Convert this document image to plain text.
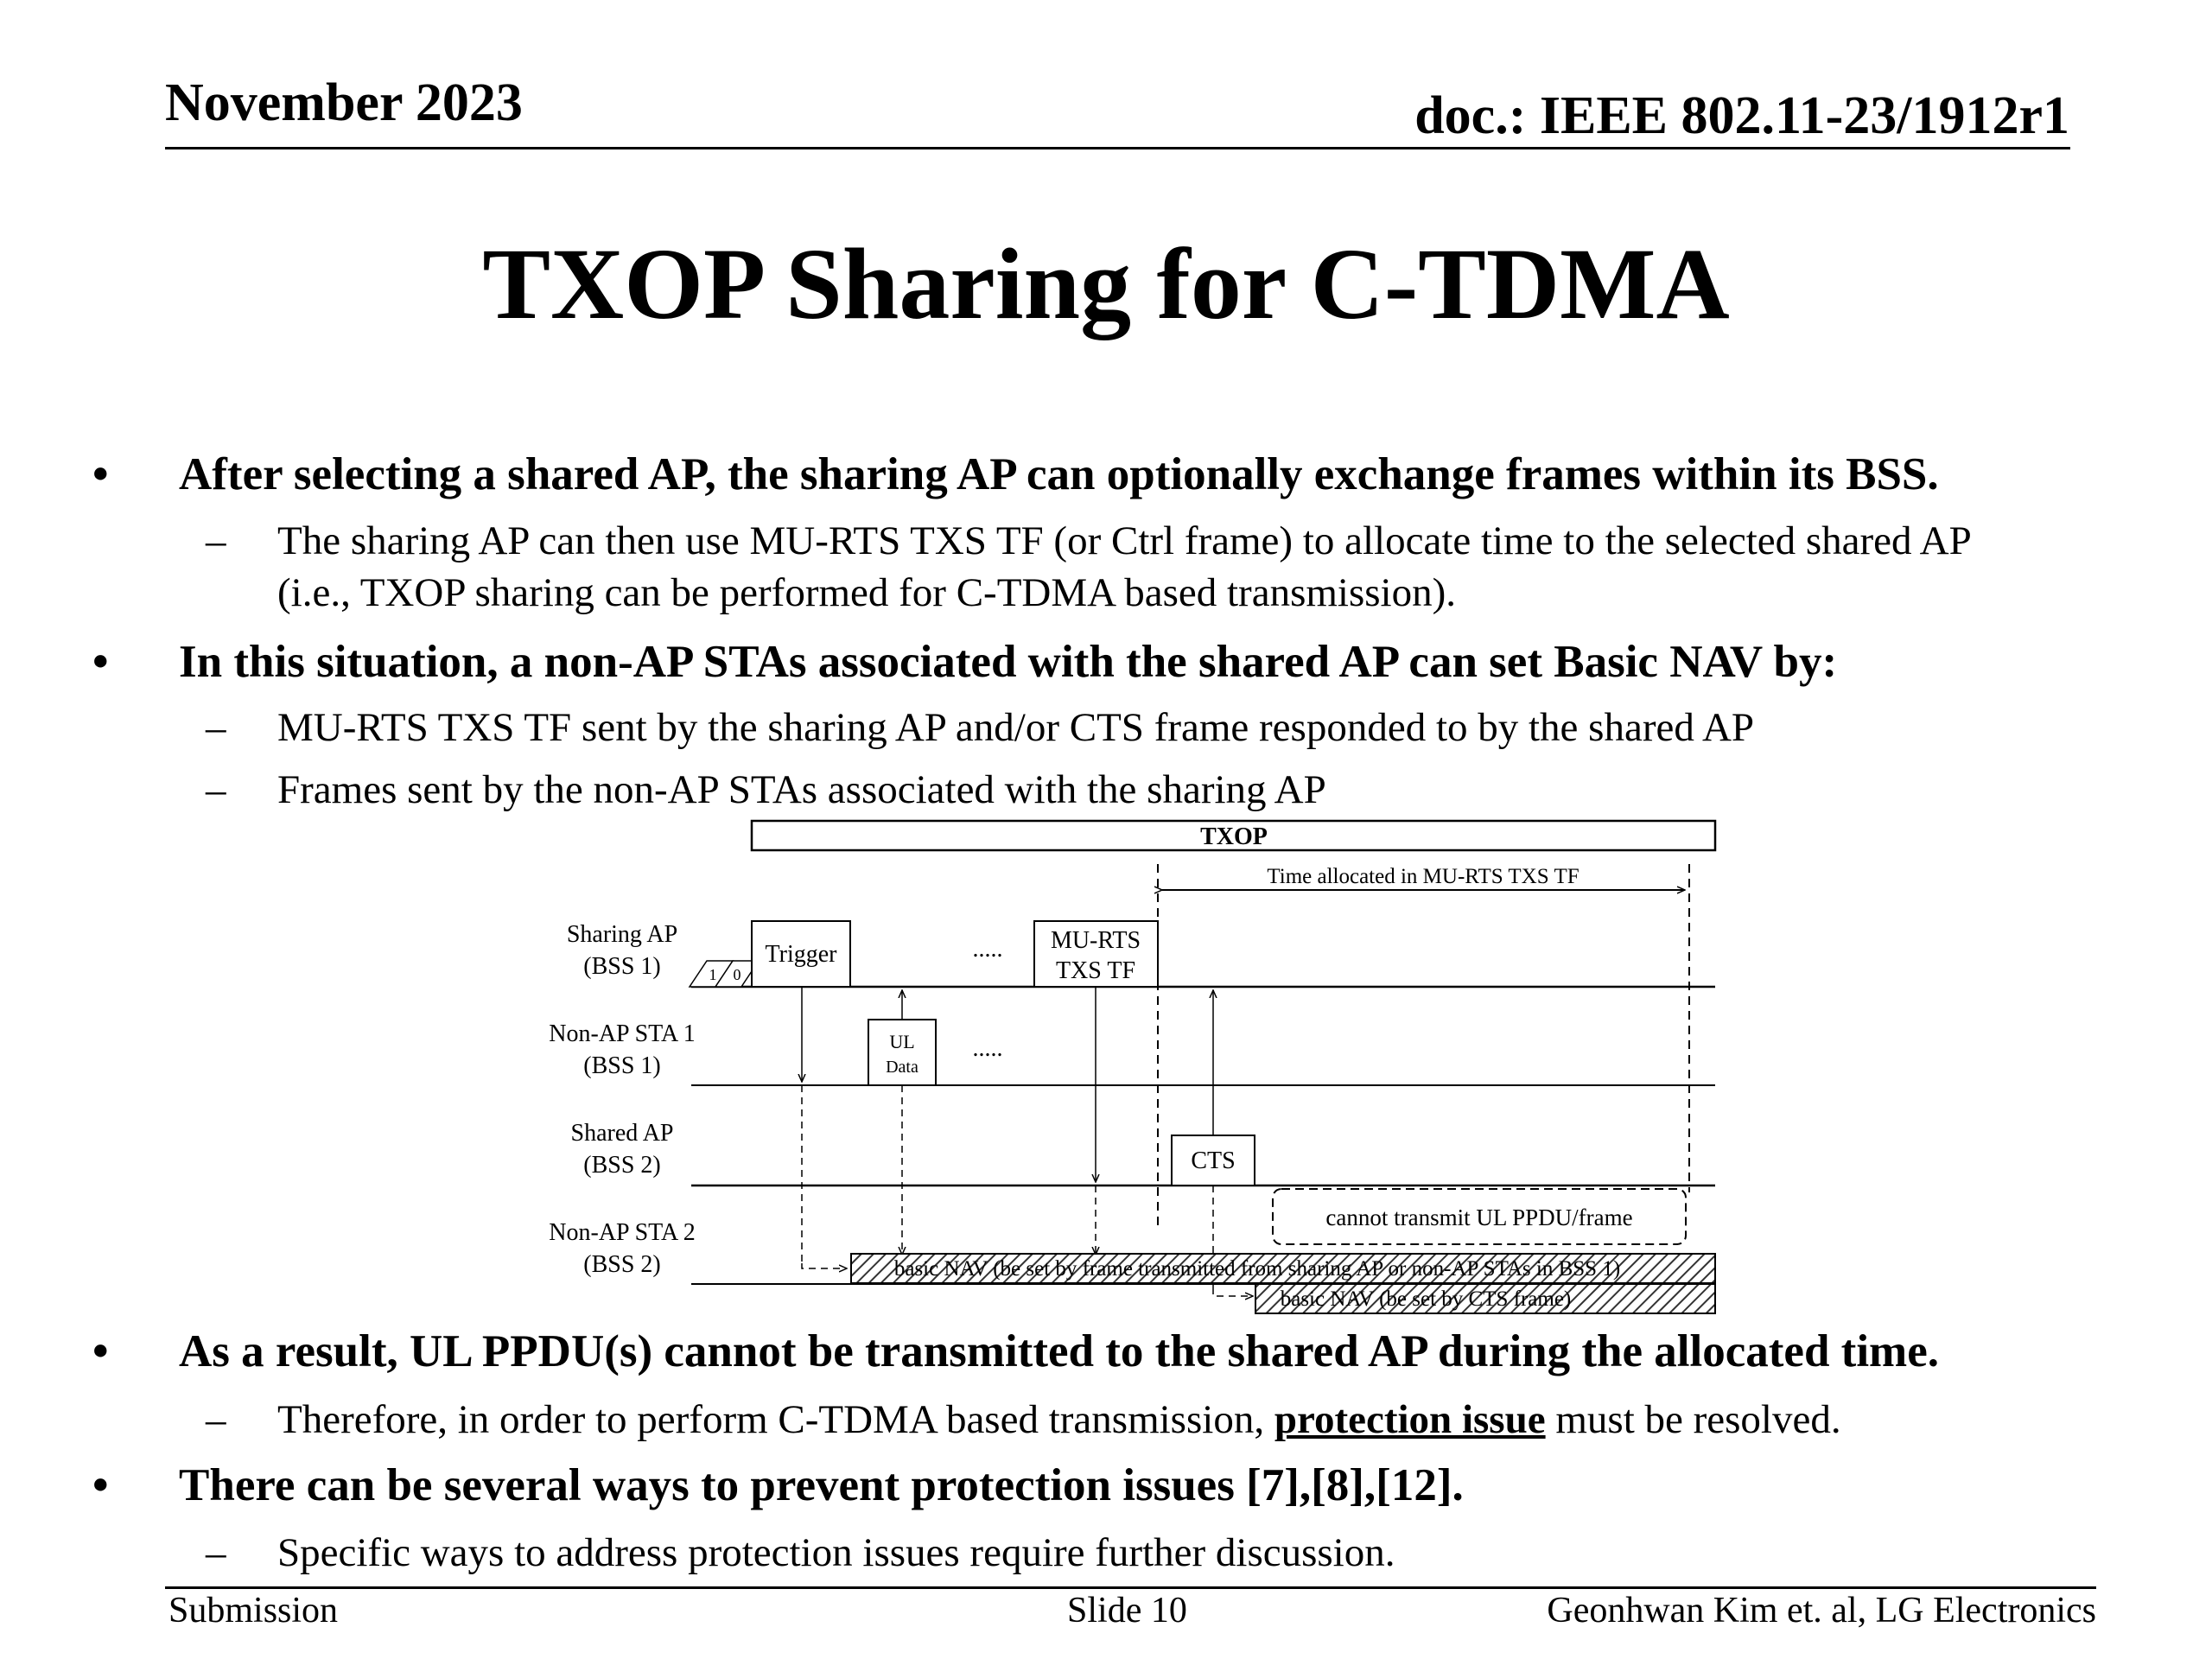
November 2023	doc.: IEEE 802.11-23/1912r1
TXOP Sharing for C-TDMA
•	After selecting a shared AP, the sharing AP can optionally exchange frames within its BSS.
– The sharing AP can then use MU-RTS TXS TF (or Ctrl frame) to allocate time to the selected shared AP
(i.e., TXOP sharing can be performed for C-TDMA based transmission).
•	In this situation, a non-AP STAs associated with the shared AP can set Basic NAV by:
– MU-RTS TXS TF sent by the sharing AP and/or CTS frame responded to by the shared AP
– Frames sent by the non-AP STAs associated with the sharing AP
TXOP
Time allocated in MU-RTS TXS TF
Sharing AP
(BSS 1)
Non-AP STA 1
(BSS 1)
Shared AP
(BSS 2)
Non-AP STA 2
(BSS 2)
1 0
Trigger	.....
.....
MU-RTS
TXS TF
UL
Data
CTS
cannot transmit UL PPDU/frame
basic NAV (be set by frame transmitted from sharing AP or non-AP STAs in BSS 1)
basic NAV (be set by CTS frame)
•	As a result, UL PPDU(s) cannot be transmitted to the shared AP during the allocated time.
– Therefore, in order to perform C-TDMA based transmission, protection issue must be resolved.
•	There can be several ways to prevent protection issues [7],[8],[12].
– Specific ways to address protection issues require further discussion.
Submission	Slide 10	Geonhwan Kim et. al, LG Electronics
